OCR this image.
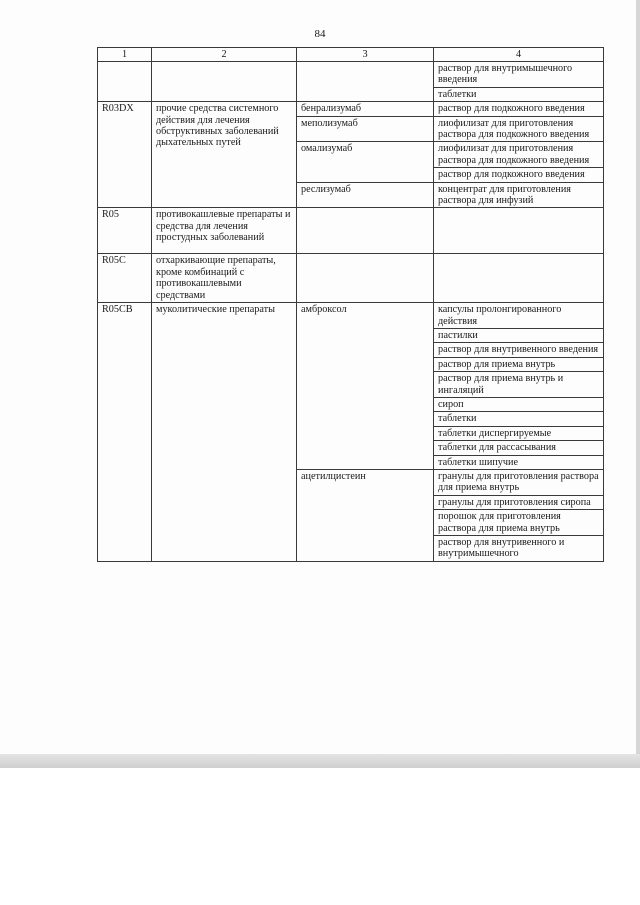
84
1	2	3	4
			раствор для внутримышечного введения
			таблетки
R03DX	прочие средства системного действия для лечения обструктивных заболеваний дыхательных путей	бенрализумаб	раствор для подкожного введения
		меполизумаб	лиофилизат для приготовления раствора для подкожного введения
		омализумаб	лиофилизат для приготовления раствора для подкожного введения
			раствор для подкожного введения
		реслизумаб	концентрат для приготовления раствора для инфузий
R05	противокашлевые препараты и средства для лечения простудных заболеваний		
R05C	отхаркивающие препараты, кроме комбинаций с противокашлевыми средствами		
R05CB	муколитические препараты	амброксол	капсулы пролонгированного действия
			пастилки
			раствор для внутривенного введения
			раствор для приема внутрь
			раствор для приема внутрь и ингаляций
			сироп
			таблетки
			таблетки диспергируемые
			таблетки для рассасывания
			таблетки шипучие
		ацетилцистеин	гранулы для приготовления раствора для приема внутрь
			гранулы для приготовления сиропа
			порошок для приготовления раствора для приема внутрь
			раствор для внутривенного и внутримышечного
